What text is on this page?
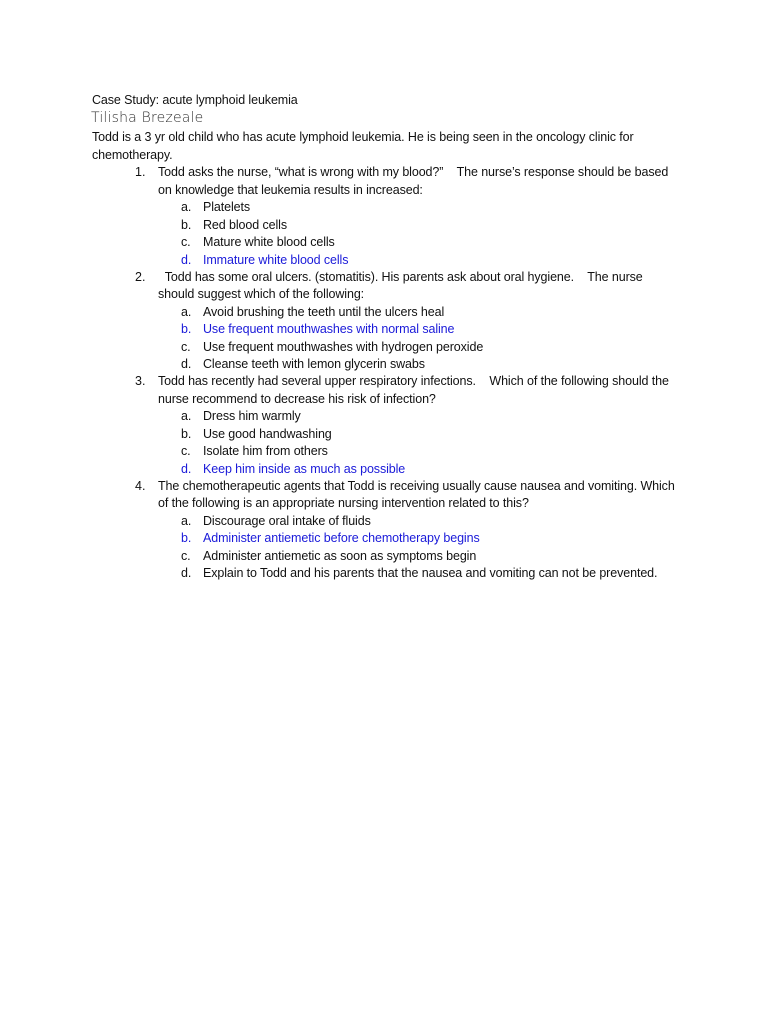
Case Study: acute lymphoid leukemia
Tilisha Brezeale
Todd is a 3 yr old child who has acute lymphoid leukemia. He is being seen in the oncology clinic for chemotherapy.
1.	Todd asks the nurse, “what is wrong with my blood?”    The nurse’s response should be based on knowledge that leukemia results in increased:
a. Platelets
b. Red blood cells
c. Mature white blood cells
d. Immature white blood cells
2.	Todd has some oral ulcers. (stomatitis). His parents ask about oral hygiene.    The nurse should suggest which of the following:
a. Avoid brushing the teeth until the ulcers heal
b. Use frequent mouthwashes with normal saline
c. Use frequent mouthwashes with hydrogen peroxide
d. Cleanse teeth with lemon glycerin swabs
3.	Todd has recently had several upper respiratory infections.    Which of the following should the nurse recommend to decrease his risk of infection?
a. Dress him warmly
b. Use good handwashing
c. Isolate him from others
d. Keep him inside as much as possible
4.	The chemotherapeutic agents that Todd is receiving usually cause nausea and vomiting. Which of the following is an appropriate nursing intervention related to this?
a. Discourage oral intake of fluids
b. Administer antiemetic before chemotherapy begins
c. Administer antiemetic as soon as symptoms begin
d. Explain to Todd and his parents that the nausea and vomiting can not be prevented.
